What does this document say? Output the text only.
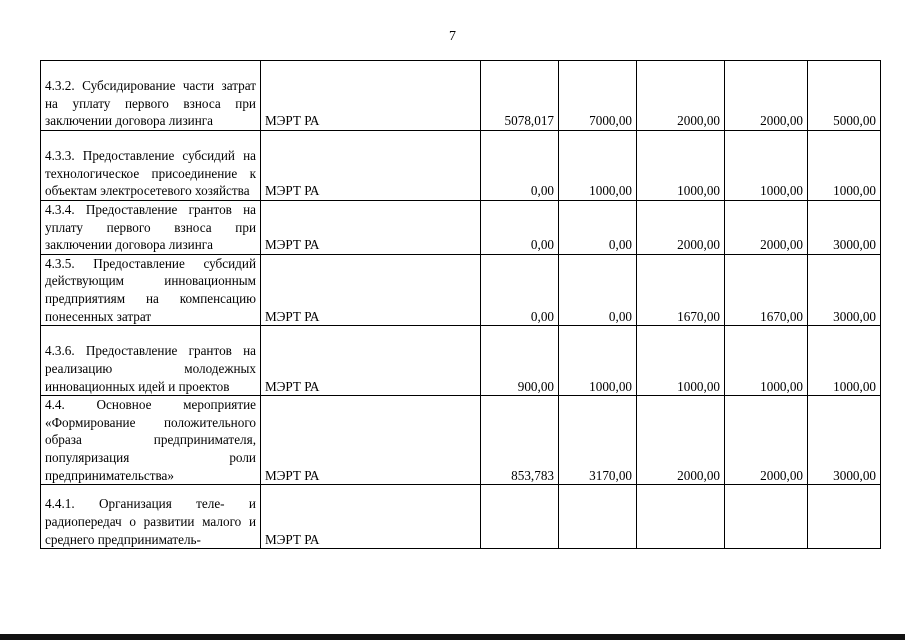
7
4.3.2. Субсидирование части затрат на уплату первого взноса при заключении договора лизинга	МЭРТ РА	5078,017	7000,00	2000,00	2000,00	5000,00
4.3.3. Предоставление субсидий на технологическое присоединение к объектам электросетевого хозяйства	МЭРТ РА	0,00	1000,00	1000,00	1000,00	1000,00
4.3.4. Предоставление грантов на уплату первого взноса при заключении договора лизинга	МЭРТ РА	0,00	0,00	2000,00	2000,00	3000,00
4.3.5. Предоставление субсидий действующим инновационным предприятиям на компенсацию понесенных затрат	МЭРТ РА	0,00	0,00	1670,00	1670,00	3000,00
4.3.6. Предоставление грантов на реализацию молодежных инновационных идей и проектов	МЭРТ РА	900,00	1000,00	1000,00	1000,00	1000,00
4.4. Основное мероприятие «Формирование положительного образа предпринимателя, популяризация роли предпринимательства»	МЭРТ РА	853,783	3170,00	2000,00	2000,00	3000,00
4.4.1. Организация теле- и радиопередач о развитии малого и среднего предприниматель-	МЭРТ РА					
